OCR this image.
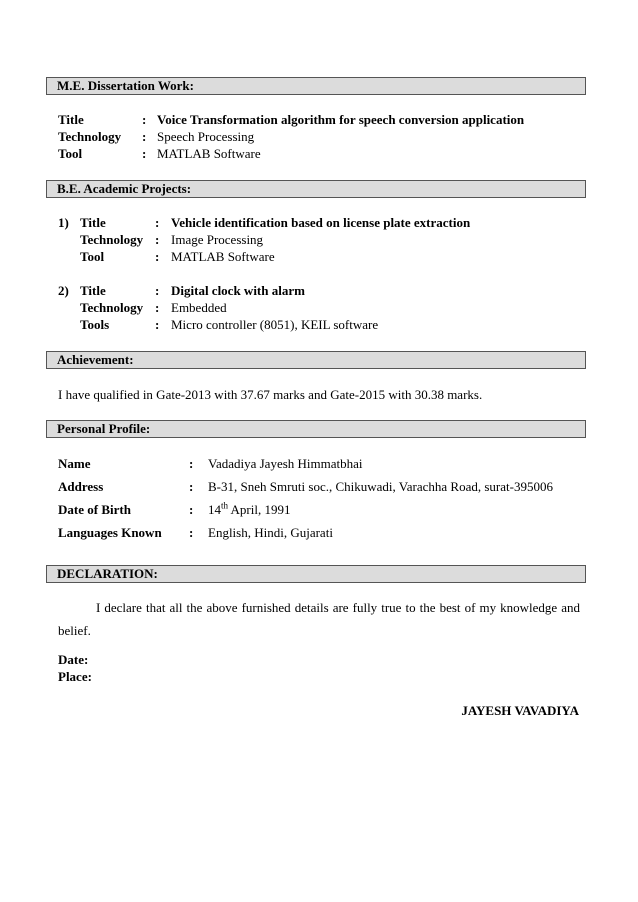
M.E. Dissertation Work:
Title	: Voice Transformation algorithm for speech conversion application
Technology : Speech Processing
Tool	: MATLAB Software
B.E. Academic Projects:
1) Title	: Vehicle identification based on license plate extraction
Technology : Image Processing
Tool	: MATLAB Software
2) Title	: Digital clock with alarm
Technology : Embedded
Tools	: Micro controller (8051), KEIL software
Achievement:
I have qualified in Gate-2013 with 37.67 marks and Gate-2015 with 30.38 marks.
Personal Profile:
Name	: Vadadiya Jayesh Himmatbhai
Address	: B-31, Sneh Smruti soc., Chikuwadi, Varachha Road, surat-395006
Date of Birth	: 14th April, 1991
Languages Known : English, Hindi, Gujarati
DECLARATION:
I declare that all the above furnished details are fully true to the best of my knowledge and belief.
Date:
Place:
JAYESH VAVADIYA
